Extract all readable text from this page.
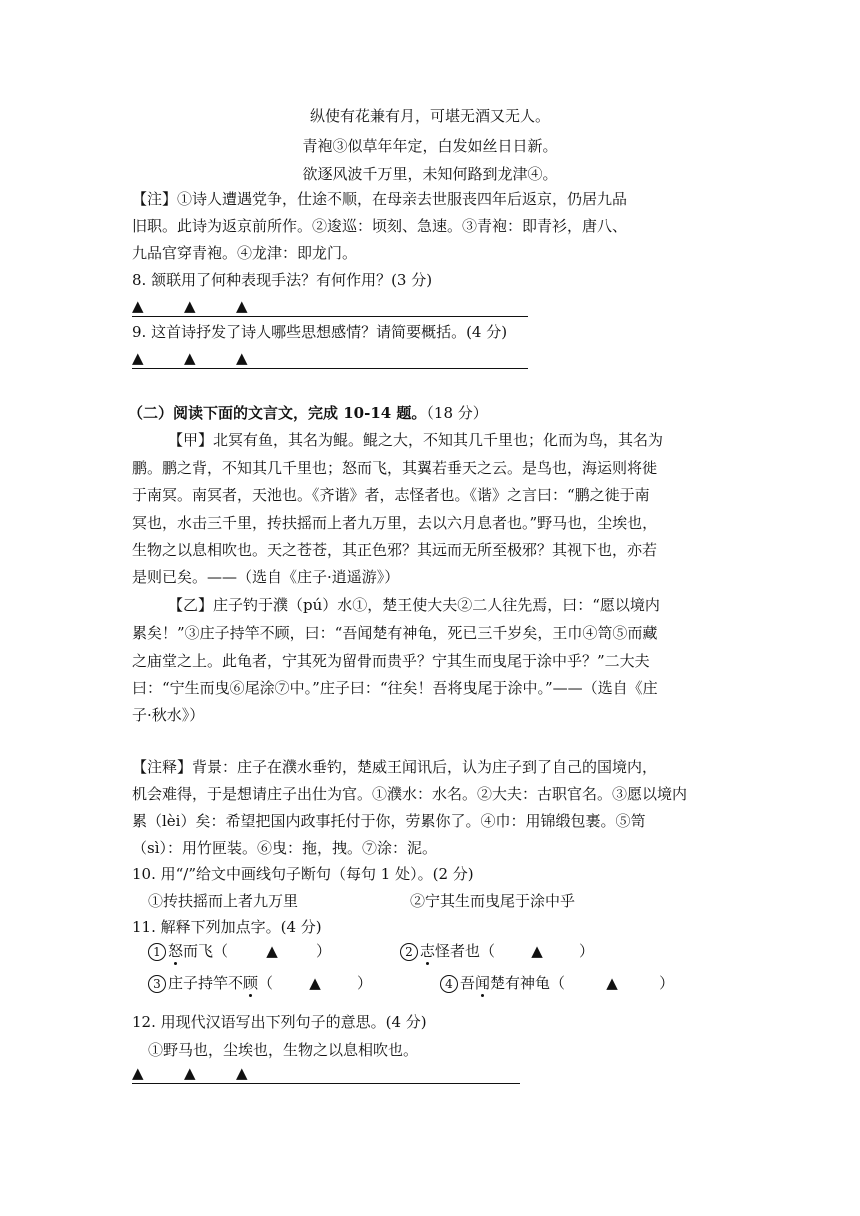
纵使有花兼有月，可堪无酒又无人。
青袍③似草年年定，白发如丝日日新。
欲逐风波千万里，未知何路到龙津④。
【注】①诗人遭遇党争，仕途不顺，在母亲去世服丧四年后返京，仍居九品
旧职。此诗为返京前所作。②逡巡：顷刻、急速。③青袍：即青衫，唐八、
九品官穿青袍。④龙津：即龙门。
8. 颔联用了何种表现手法？有何作用？(3 分)
▲	▲	▲
9. 这首诗抒发了诗人哪些思想感情？请简要概括。(4 分)
▲	▲	▲
（二）阅读下面的文言文，完成 10-14 题。（18 分）
【甲】北冥有鱼，其名为鲲。鲲之大，不知其几千里也；化而为鸟，其名为
鹏。鹏之背，不知其几千里也；怒而飞，其翼若垂天之云。是鸟也，海运则将徙
于南冥。南冥者，天池也。《齐谐》者，志怪者也。《谐》之言曰：“鹏之徙于南
冥也，水击三千里，抟扶摇而上者九万里，去以六月息者也。”野马也，尘埃也，
生物之以息相吹也。天之苍苍，其正色邪？其远而无所至极邪？其视下也，亦若
是则已矣。——（选自《庄子·逍遥游》）
【乙】庄子钓于濮（pú）水①，楚王使大夫②二人往先焉，曰：“愿以境内
累矣！”③庄子持竿不顾，曰：“吾闻楚有神龟，死已三千岁矣，王巾④笥⑤而藏
之庙堂之上。此龟者，宁其死为留骨而贵乎？宁其生而曳尾于涂中乎？”二大夫
曰：“宁生而曳⑥尾涂⑦中。”庄子曰：“往矣！吾将曳尾于涂中。”——（选自《庄
子·秋水》）
【注释】背景：庄子在濮水垂钓，楚威王闻讯后，认为庄子到了自己的国境内，
机会难得，于是想请庄子出仕为官。①濮水：水名。②大夫：古职官名。③愿以境内
累（lèi）矣：希望把国内政事托付于你，劳累你了。④巾：用锦缎包裹。⑤笥
（sì）：用竹匣装。⑥曳：拖，拽。⑦涂：泥。
10. 用“/”给文中画线句子断句（每句 1 处）。(2 分)
①抟扶摇而上者九万里	②宁其生而曳尾于涂中乎
11. 解释下列加点字。(4 分)
1 怒而飞（	▲	）	2 志怪者也（ ▲ ）
3 庄子持竿不顾（ ▲ ）	4 吾闻楚有神龟（	▲	）
12. 用现代汉语写出下列句子的意思。(4 分)
①野马也，尘埃也，生物之以息相吹也。
▲	▲	▲
